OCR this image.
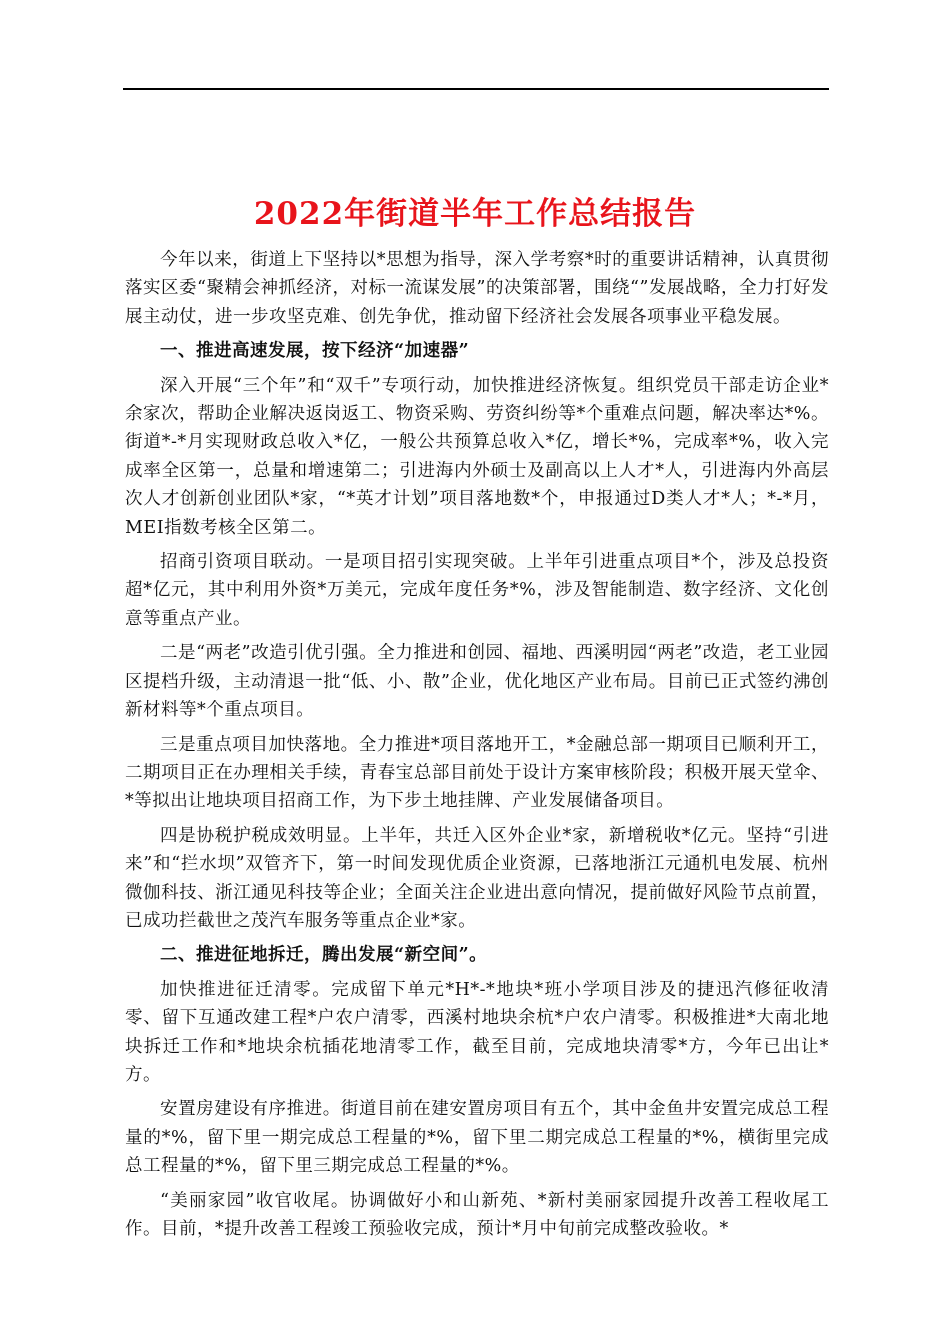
2022年街道半年工作总结报告

今年以来，街道上下坚持以*思想为指导，深入学考察*时的重要讲话精神，认真贯彻落实区委“聚精会神抓经济，对标一流谋发展”的决策部署，围绕“”发展战略，全力打好发展主动仗，进一步攻坚克难、创先争优，推动留下经济社会发展各项事业平稳发展。

一、推进高速发展，按下经济“加速器”

深入开展“三个年”和“双千”专项行动，加快推进经济恢复。组织党员干部走访企业*余家次，帮助企业解决返岗返工、物资采购、劳资纠纷等*个重难点问题，解决率达*%。街道*-*月实现财政总收入*亿，一般公共预算总收入*亿，增长*%，完成率*%，收入完成率全区第一，总量和增速第二；引进海内外硕士及副高以上人才*人，引进海内外高层次人才创新创业团队*家，“*英才计划”项目落地数*个，申报通过D类人才*人；*-*月，MEI指数考核全区第二。

招商引资项目联动。一是项目招引实现突破。上半年引进重点项目*个，涉及总投资超*亿元，其中利用外资*万美元，完成年度任务*%，涉及智能制造、数字经济、文化创意等重点产业。

二是“两老”改造引优引强。全力推进和创园、福地、西溪明园“两老”改造，老工业园区提档升级，主动清退一批“低、小、散”企业，优化地区产业布局。目前已正式签约沸创新材料等*个重点项目。

三是重点项目加快落地。全力推进*项目落地开工，*金融总部一期项目已顺利开工，二期项目正在办理相关手续，青春宝总部目前处于设计方案审核阶段；积极开展天堂伞、*等拟出让地块项目招商工作，为下步土地挂牌、产业发展储备项目。

四是协税护税成效明显。上半年，共迁入区外企业*家，新增税收*亿元。坚持“引进来”和“拦水坝”双管齐下，第一时间发现优质企业资源，已落地浙江元通机电发展、杭州微伽科技、浙江通见科技等企业；全面关注企业进出意向情况，提前做好风险节点前置，已成功拦截世之茂汽车服务等重点企业*家。

二、推进征地拆迁，腾出发展“新空间”。

加快推进征迁清零。完成留下单元*H*-*地块*班小学项目涉及的捷迅汽修征收清零、留下互通改建工程*户农户清零，西溪村地块余杭*户农户清零。积极推进*大南北地块拆迁工作和*地块余杭插花地清零工作，截至目前，完成地块清零*方，今年已出让*方。

安置房建设有序推进。街道目前在建安置房项目有五个，其中金鱼井安置完成总工程量的*%，留下里一期完成总工程量的*%，留下里二期完成总工程量的*%，横街里完成总工程量的*%，留下里三期完成总工程量的*%。

“美丽家园”收官收尾。协调做好小和山新苑、*新村美丽家园提升改善工程收尾工作。目前，*提升改善工程竣工预验收完成，预计*月中旬前完成整改验收。*
